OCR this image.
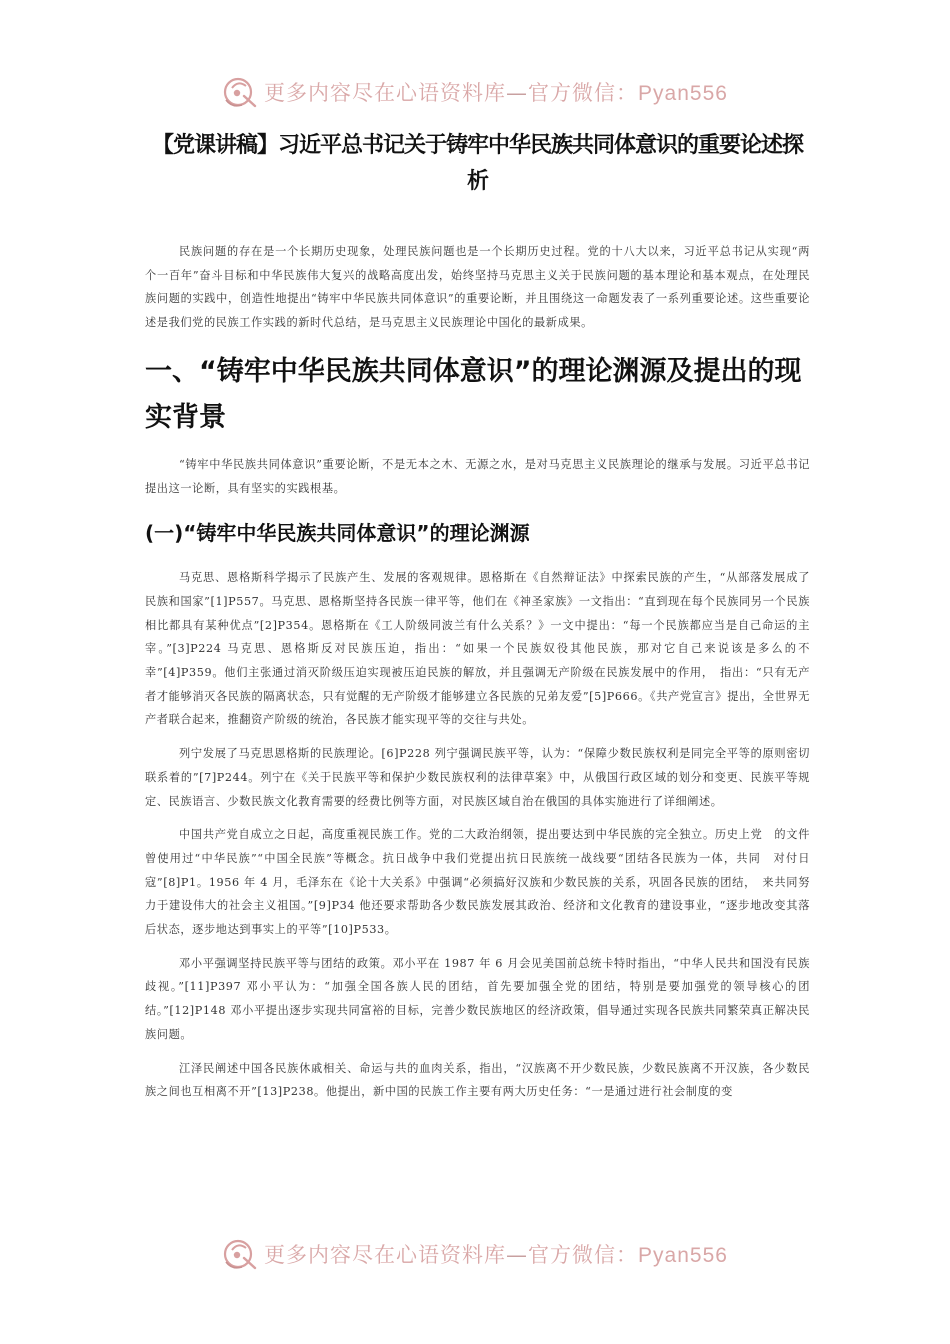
更多内容尽在心语资料库—官方微信：Pyan556
【党课讲稿】习近平总书记关于铸牢中华民族共同体意识的重要论述探析

民族问题的存在是一个长期历史现象，处理民族问题也是一个长期历史过程。党的十八大以来，习近平总书记从实现“两个一百年”奋斗目标和中华民族伟大复兴的战略高度出发，始终坚持马克思主义关于民族问题的基本理论和基本观点，在处理民族问题的实践中，创造性地提出“铸牢中华民族共同体意识”的重要论断，并且围绕这一命题发表了一系列重要论述。这些重要论述是我们党的民族工作实践的新时代总结，是马克思主义民族理论中国化的最新成果。

一、“铸牢中华民族共同体意识”的理论渊源及提出的现实背景

“铸牢中华民族共同体意识”重要论断，不是无本之木、无源之水，是对马克思主义民族理论的继承与发展。习近平总书记提出这一论断，具有坚实的实践根基。

(一)“铸牢中华民族共同体意识”的理论渊源

马克思、恩格斯科学揭示了民族产生、发展的客观规律。恩格斯在《自然辩证法》中探索民族的产生，“从部落发展成了民族和国家”[1]P557。马克思、恩格斯坚持各民族一律平等，他们在《神圣家族》一文指出：“直到现在每个民族同另一个民族相比都具有某种优点”[2]P354。恩格斯在《工人阶级同波兰有什么关系？》一文中提出：“每一个民族都应当是自己命运的主宰。”[3]P224 马克思、恩格斯反对民族压迫，指出：“如果一个民族奴役其他民族，那对它自己来说该是多么的不幸”[4]P359。他们主张通过消灭阶级压迫实现被压迫民族的解放，并且强调无产阶级在民族发展中的作用，　指出：“只有无产者才能够消灭各民族的隔离状态，只有觉醒的无产阶级才能够建立各民族的兄弟友爱”[5]P666。《共产党宣言》提出，全世界无产者联合起来，推翻资产阶级的统治，各民族才能实现平等的交往与共处。

列宁发展了马克思恩格斯的民族理论。[6]P228 列宁强调民族平等，认为：“保障少数民族权利是同完全平等的原则密切联系着的”[7]P244。列宁在《关于民族平等和保护少数民族权利的法律草案》中，从俄国行政区域的划分和变更、民族平等规定、民族语言、少数民族文化教育需要的经费比例等方面，对民族区域自治在俄国的具体实施进行了详细阐述。

中国共产党自成立之日起，高度重视民族工作。党的二大政治纲领，提出要达到中华民族的完全独立。历史上党　的文件曾使用过“中华民族”“中国全民族”等概念。抗日战争中我们党提出抗日民族统一战线要“团结各民族为一体，共同　对付日寇”[8]P1。1956 年 4 月，毛泽东在《论十大关系》中强调“必须搞好汉族和少数民族的关系，巩固各民族的团结，　来共同努力于建设伟大的社会主义祖国。”[9]P34 他还要求帮助各少数民族发展其政治、经济和文化教育的建设事业，“逐步地改变其落后状态，逐步地达到事实上的平等”[10]P533。

邓小平强调坚持民族平等与团结的政策。邓小平在 1987 年 6 月会见美国前总统卡特时指出，“中华人民共和国没有民族歧视。”[11]P397 邓小平认为：“加强全国各族人民的团结，首先要加强全党的团结，特别是要加强党的领导核心的团结。”[12]P148 邓小平提出逐步实现共同富裕的目标，完善少数民族地区的经济政策，倡导通过实现各民族共同繁荣真正解决民族问题。

江泽民阐述中国各民族休戚相关、命运与共的血肉关系，指出，“汉族离不开少数民族，少数民族离不开汉族，各少数民族之间也互相离不开”[13]P238。他提出，新中国的民族工作主要有两大历史任务：“一是通过进行社会制度的变

更多内容尽在心语资料库—官方微信：Pyan556
